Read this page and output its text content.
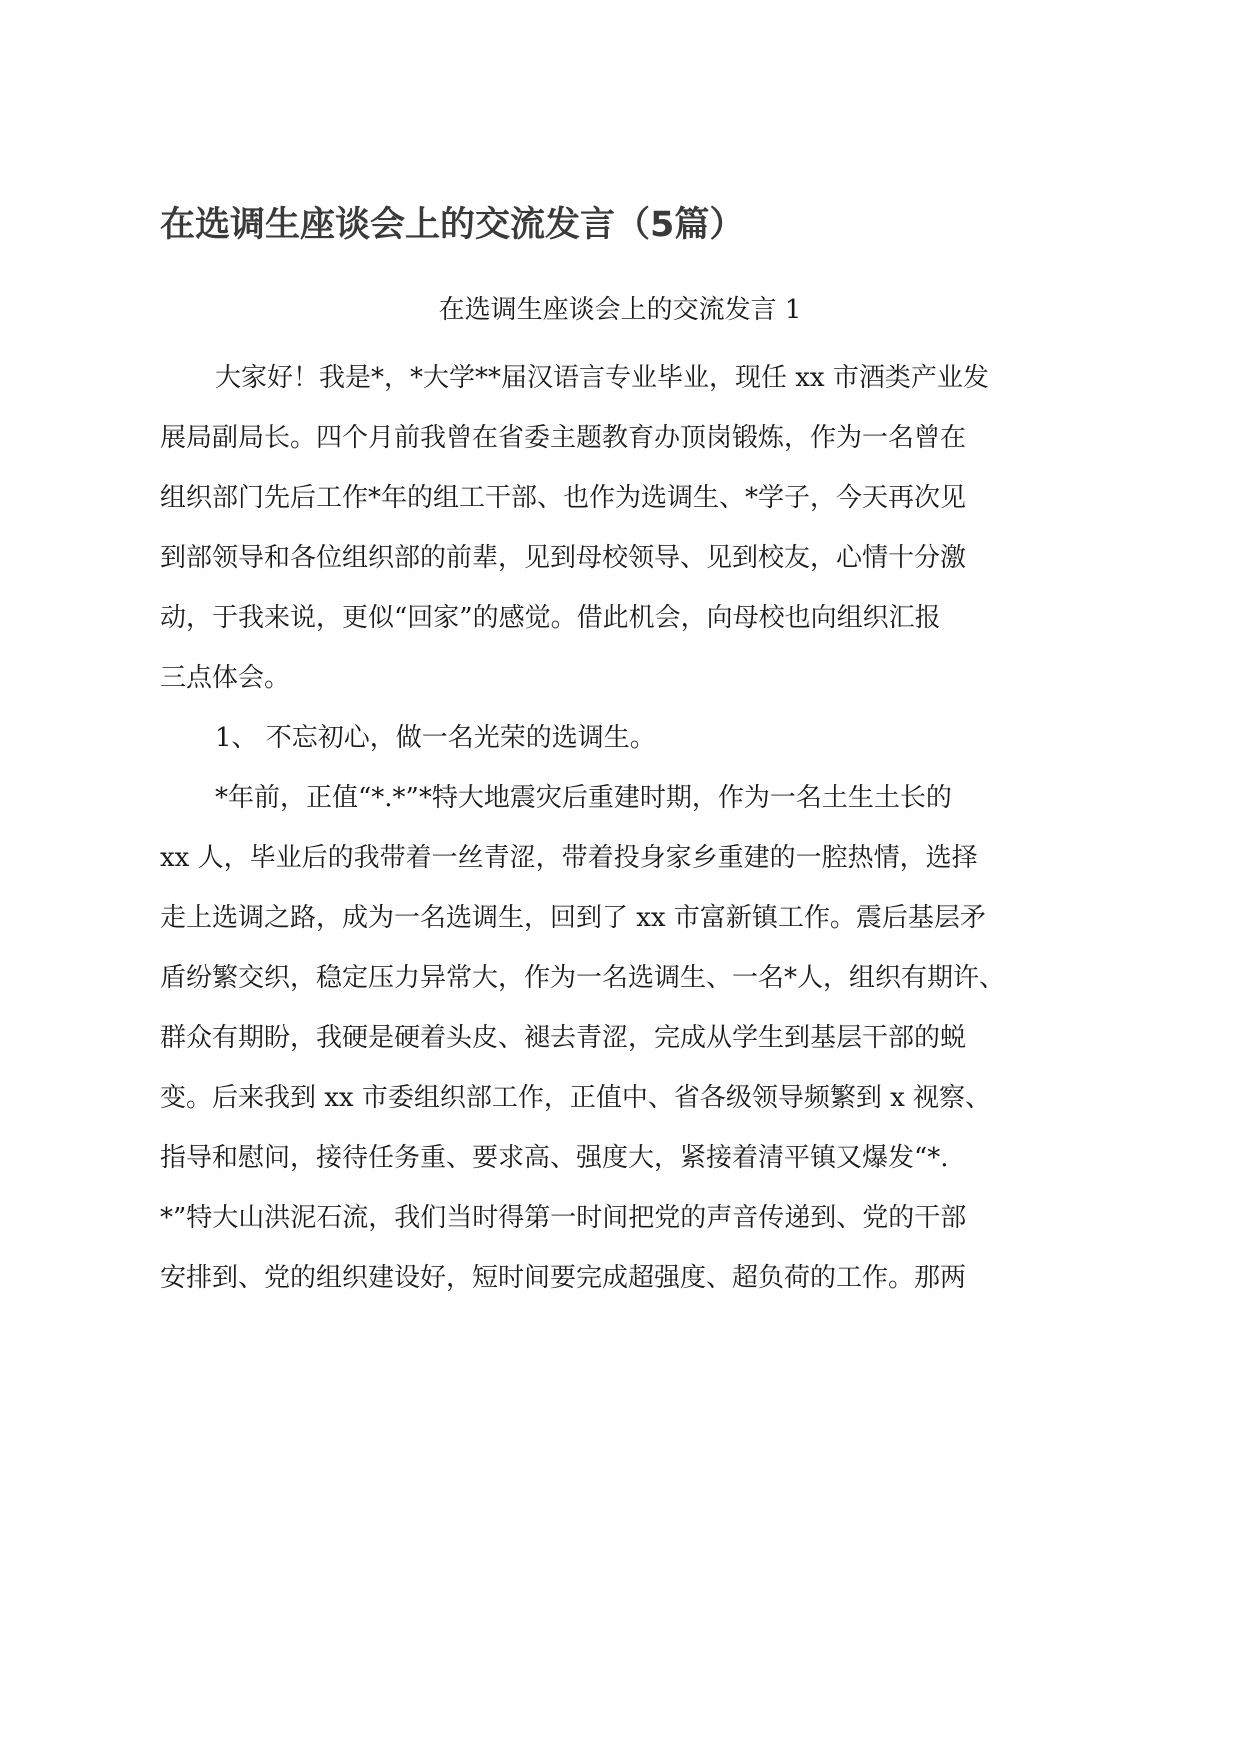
在选调生座谈会上的交流发言（5篇）
在选调生座谈会上的交流发言 1

大家好！我是*，*大学**届汉语言专业毕业，现任 xx 市酒类产业发

展局副局长。四个月前我曾在省委主题教育办顶岗锻炼，作为一名曾在

组织部门先后工作*年的组工干部、也作为选调生、*学子，今天再次见

到部领导和各位组织部的前辈，见到母校领导、见到校友，心情十分激

动，于我来说，更似“回家”的感觉。借此机会，向母校也向组织汇报

三点体会。

1、 不忘初心，做一名光荣的选调生。

*年前，正值“*.*”*特大地震灾后重建时期，作为一名土生土长的

xx 人，毕业后的我带着一丝青涩，带着投身家乡重建的一腔热情，选择

走上选调之路，成为一名选调生，回到了 xx 市富新镇工作。震后基层矛

盾纷繁交织，稳定压力异常大，作为一名选调生、一名*人，组织有期许、

群众有期盼，我硬是硬着头皮、褪去青涩，完成从学生到基层干部的蜕

变。后来我到 xx 市委组织部工作，正值中、省各级领导频繁到 x 视察、

指导和慰问，接待任务重、要求高、强度大，紧接着清平镇又爆发“*.

*”特大山洪泥石流，我们当时得第一时间把党的声音传递到、党的干部

安排到、党的组织建设好，短时间要完成超强度、超负荷的工作。那两
